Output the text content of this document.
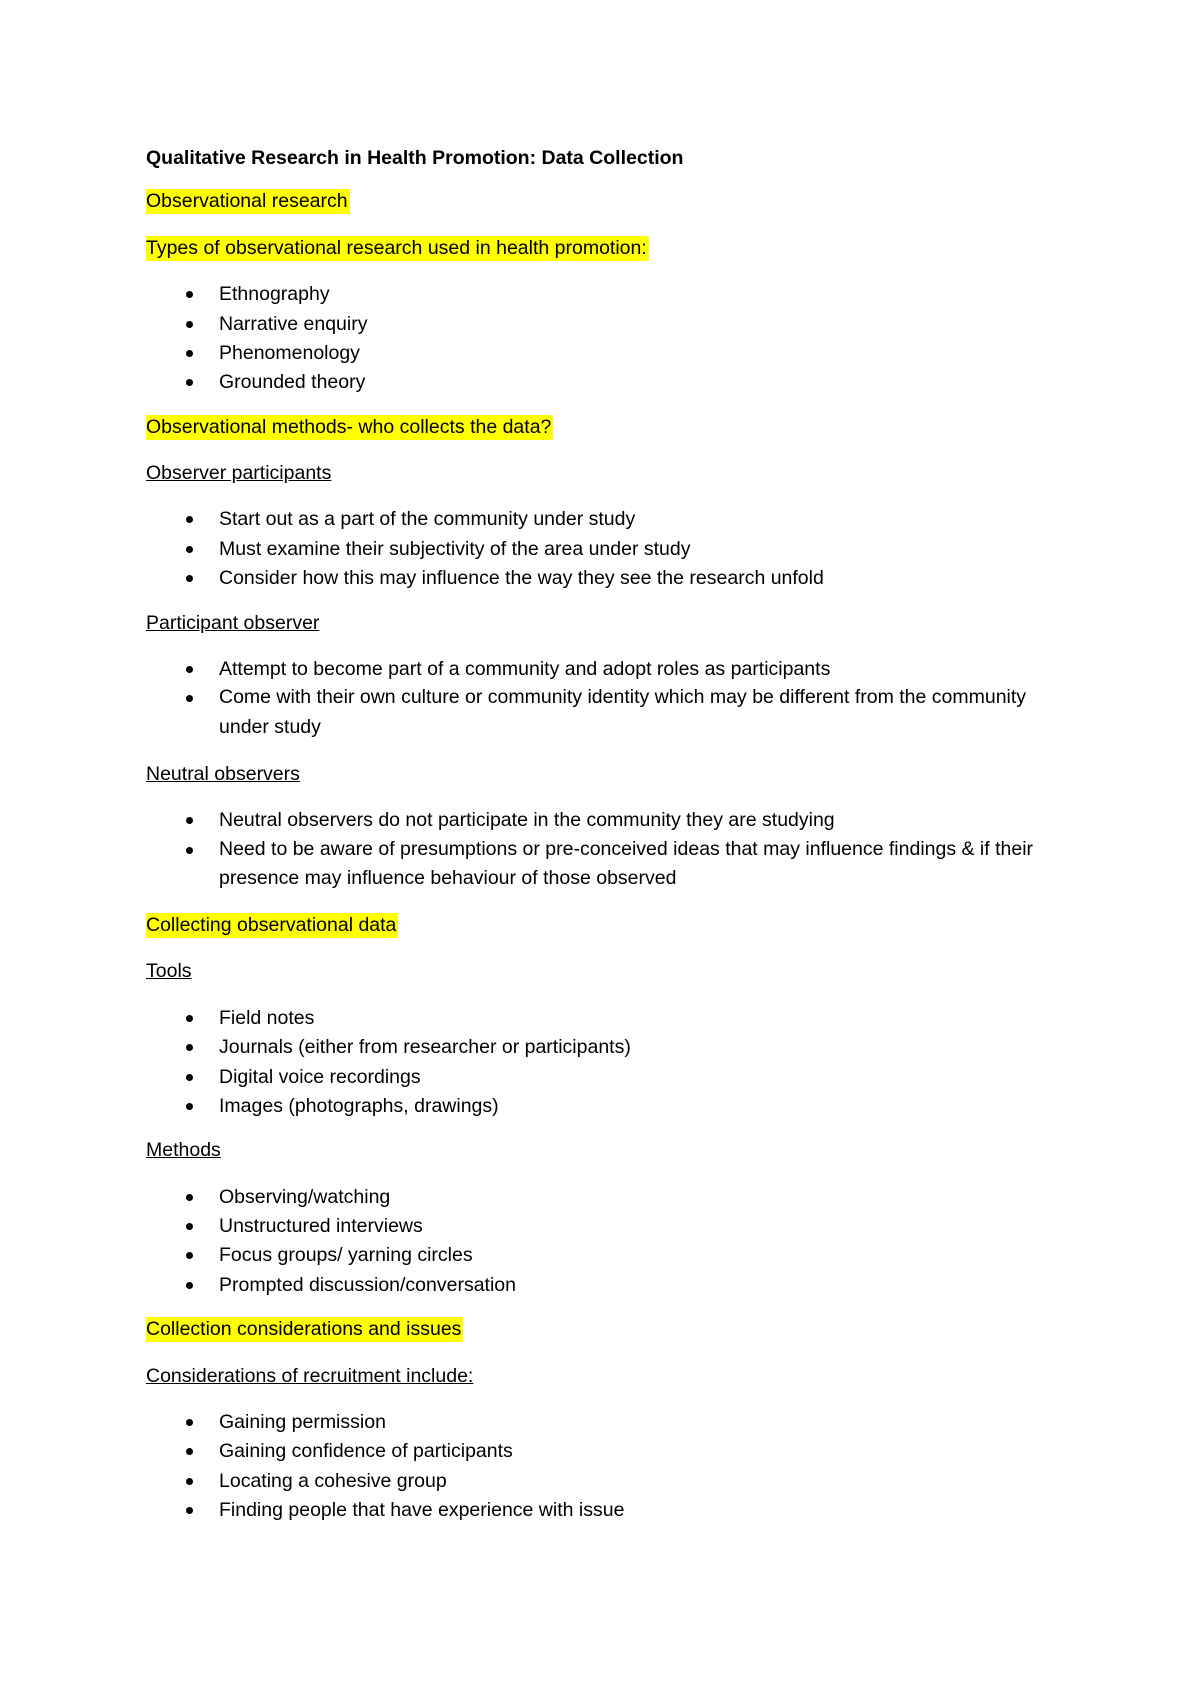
Qualitative Research in Health Promotion: Data Collection
Observational research
Types of observational research used in health promotion:
Ethnography
Narrative enquiry
Phenomenology
Grounded theory
Observational methods- who collects the data?
Observer participants
Start out as a part of the community under study
Must examine their subjectivity of the area under study
Consider how this may influence the way they see the research unfold
Participant observer
Attempt to become part of a community and adopt roles as participants
Come with their own culture or community identity which may be different from the community under study
Neutral observers
Neutral observers do not participate in the community they are studying
Need to be aware of presumptions or pre-conceived ideas that may influence findings & if their presence may influence behaviour of those observed
Collecting observational data
Tools
Field notes
Journals (either from researcher or participants)
Digital voice recordings
Images (photographs, drawings)
Methods
Observing/watching
Unstructured interviews
Focus groups/ yarning circles
Prompted discussion/conversation
Collection considerations and issues
Considerations of recruitment include:
Gaining permission
Gaining confidence of participants
Locating a cohesive group
Finding people that have experience with issue
